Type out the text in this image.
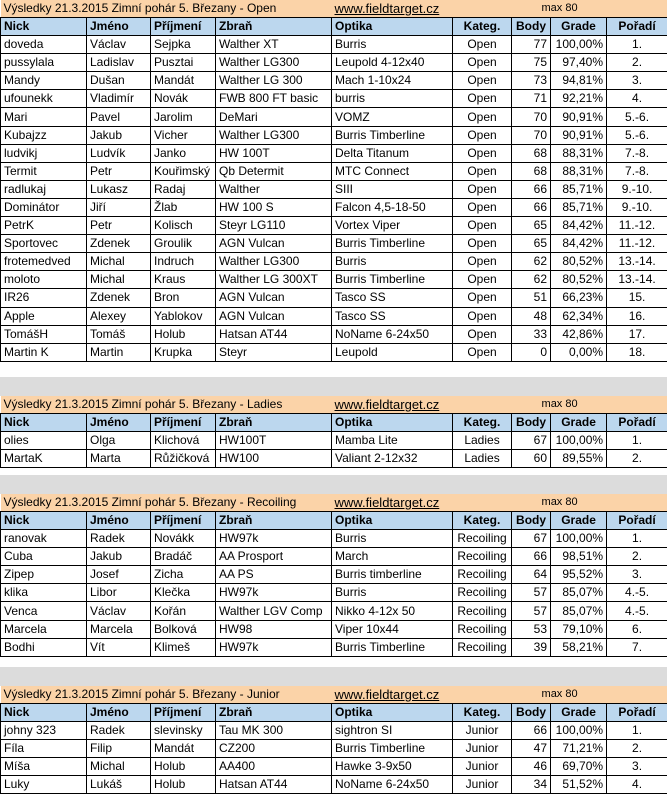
Výsledky 21.3.2015 Zimní pohár 5. Březany - Open				www.fieldtarget.cz		max 80		
Nick	Jméno	Příjmení	Zbraň	Optika	Kateg.	Body	Grade	Pořadí
doveda	Václav	Sejpka	Walther XT	Burris	Open	77	100,00%	1.
pussylala	Ladislav	Pusztai	Walther LG300	Leupold 4-12x40	Open	75	97,40%	2.
Mandy	Dušan	Mandát	Walther LG 300	Mach 1-10x24	Open	73	94,81%	3.
ufounekk	Vladimír	Novák	FWB 800 FT basic	burris	Open	71	92,21%	4.
Mari	Pavel	Jarolim	DeMari	VOMZ	Open	70	90,91%	5.-6.
Kubajzz	Jakub	Vicher	Walther LG300	Burris Timberline	Open	70	90,91%	5.-6.
ludvikj	Ludvík	Janko	HW 100T	Delta Titanum	Open	68	88,31%	7.-8.
Termit	Petr	Kouřimský	Qb Determit	MTC Connect	Open	68	88,31%	7.-8.
radlukaj	Lukasz	Radaj	Walther	SIII	Open	66	85,71%	9.-10.
Dominátor	Jiří	Žlab	HW 100 S	Falcon 4,5-18-50	Open	66	85,71%	9.-10.
PetrK	Petr	Kolisch	Steyr LG110	Vortex Viper	Open	65	84,42%	11.-12.
Sportovec	Zdenek	Groulik	AGN Vulcan	Burris Timberline	Open	65	84,42%	11.-12.
frotemedved	Michal	Indruch	Walther LG300	Burris	Open	62	80,52%	13.-14.
moloto	Michal	Kraus	Walther LG 300XT	Burris Timberline	Open	62	80,52%	13.-14.
IR26	Zdenek	Bron	AGN Vulcan	Tasco SS	Open	51	66,23%	15.
Apple	Alexey	Yablokov	AGN Vulcan	Tasco SS	Open	48	62,34%	16.
TomášH	Tomáš	Holub	Hatsan AT44	NoName 6-24x50	Open	33	42,86%	17.
Martin K	Martin	Krupka	Steyr	Leupold	Open	0	0,00%	18.
Výsledky 21.3.2015 Zimní pohár 5. Březany - Ladies				www.fieldtarget.cz		max 80		
Nick	Jméno	Příjmení	Zbraň	Optika	Kateg.	Body	Grade	Pořadí
olies	Olga	Klichová	HW100T	Mamba Lite	Ladies	67	100,00%	1.
MartaK	Marta	Růžičková	HW100	Valiant 2-12x32	Ladies	60	89,55%	2.
Výsledky 21.3.2015 Zimní pohár 5. Březany - Recoiling				www.fieldtarget.cz		max 80		
Nick	Jméno	Příjmení	Zbraň	Optika	Kateg.	Body	Grade	Pořadí
ranovak	Radek	Novákk	HW97k	Burris	Recoiling	67	100,00%	1.
Cuba	Jakub	Bradáč	AA Prosport	March	Recoiling	66	98,51%	2.
Zipep	Josef	Zicha	AA PS	Burris timberline	Recoiling	64	95,52%	3.
klika	Libor	Klečka	HW97k	Burris	Recoiling	57	85,07%	4.-5.
Venca	Václav	Kořán	Walther LGV Comp	Nikko 4-12x 50	Recoiling	57	85,07%	4.-5.
Marcela	Marcela	Bolková	HW98	Viper 10x44	Recoiling	53	79,10%	6.
Bodhi	Vít	Klimeš	HW97k	Burris Timberline	Recoiling	39	58,21%	7.
Výsledky 21.3.2015 Zimní pohár 5. Březany - Junior				www.fieldtarget.cz		max 80		
Nick	Jméno	Příjmení	Zbraň	Optika	Kateg.	Body	Grade	Pořadí
johny 323	Radek	slevinsky	Tau MK 300	sightron SI	Junior	66	100,00%	1.
Fíla	Filip	Mandát	CZ200	Burris Timberline	Junior	47	71,21%	2.
Míša	Michal	Holub	AA400	Hawke 3-9x50	Junior	46	69,70%	3.
Luky	Lukáš	Holub	Hatsan AT44	NoName 6-24x50	Junior	34	51,52%	4.
